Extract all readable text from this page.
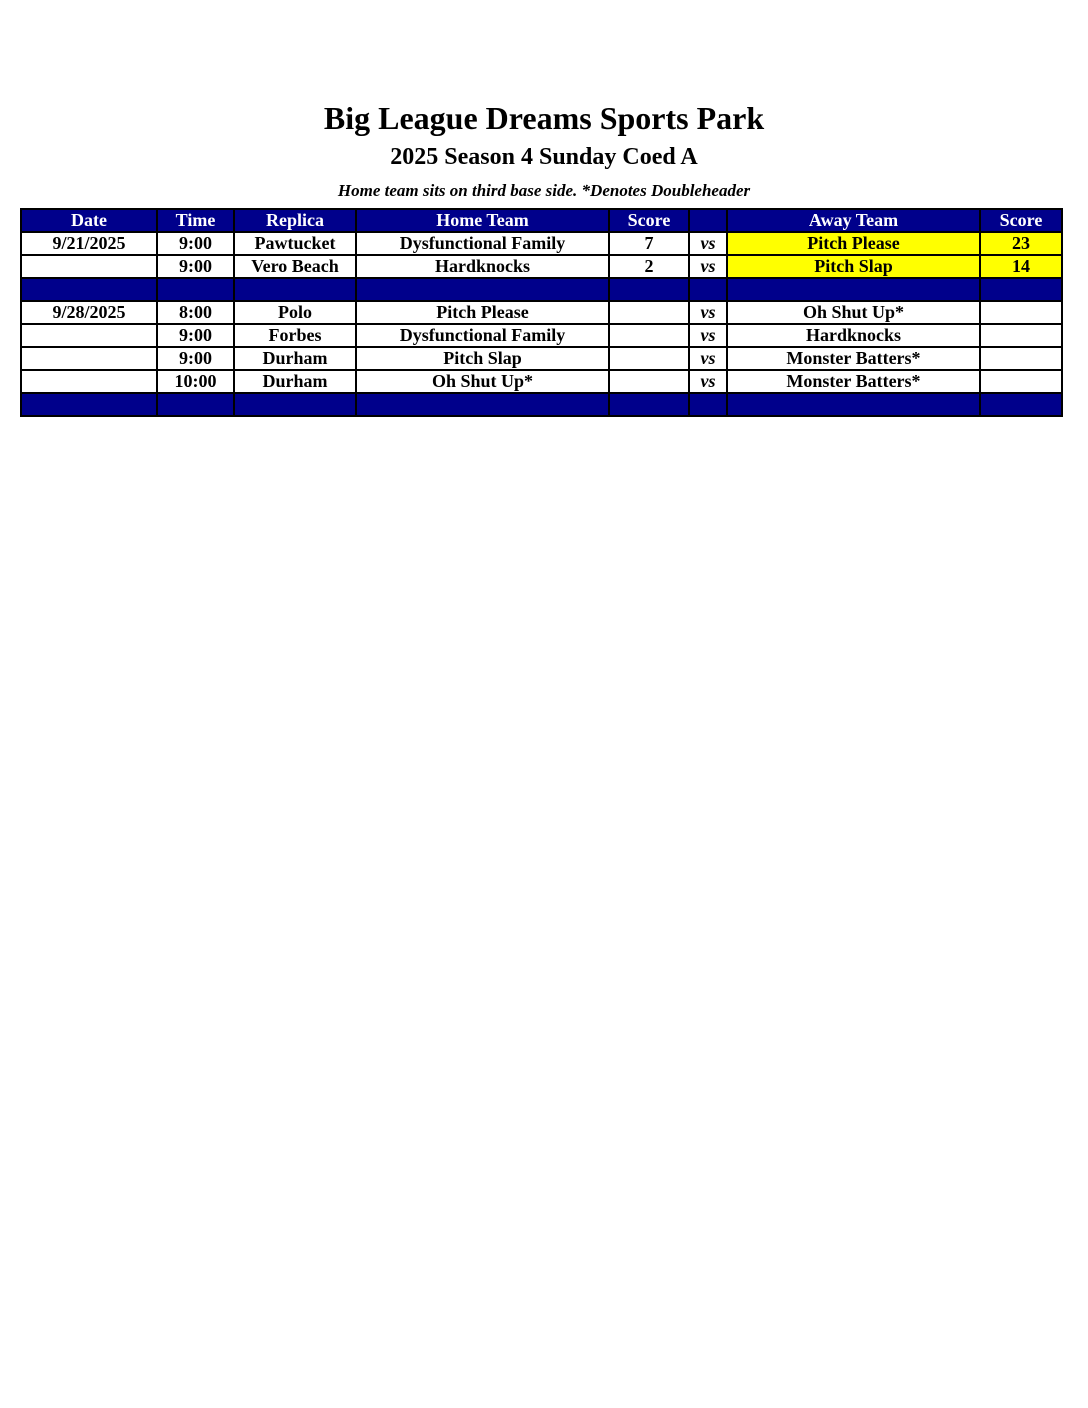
Big League Dreams Sports Park
2025 Season 4 Sunday Coed A
Home team sits on third base side. *Denotes Doubleheader
Date	Time	Replica	Home Team	Score		Away Team	Score
9/21/2025	9:00	Pawtucket	Dysfunctional Family	7	vs	Pitch Please	23
	9:00	Vero Beach	Hardknocks	2	vs	Pitch Slap	14

9/28/2025	8:00	Polo	Pitch Please		vs	Oh Shut Up*	
	9:00	Forbes	Dysfunctional Family		vs	Hardknocks	
	9:00	Durham	Pitch Slap		vs	Monster Batters*	
	10:00	Durham	Oh Shut Up*		vs	Monster Batters*	
